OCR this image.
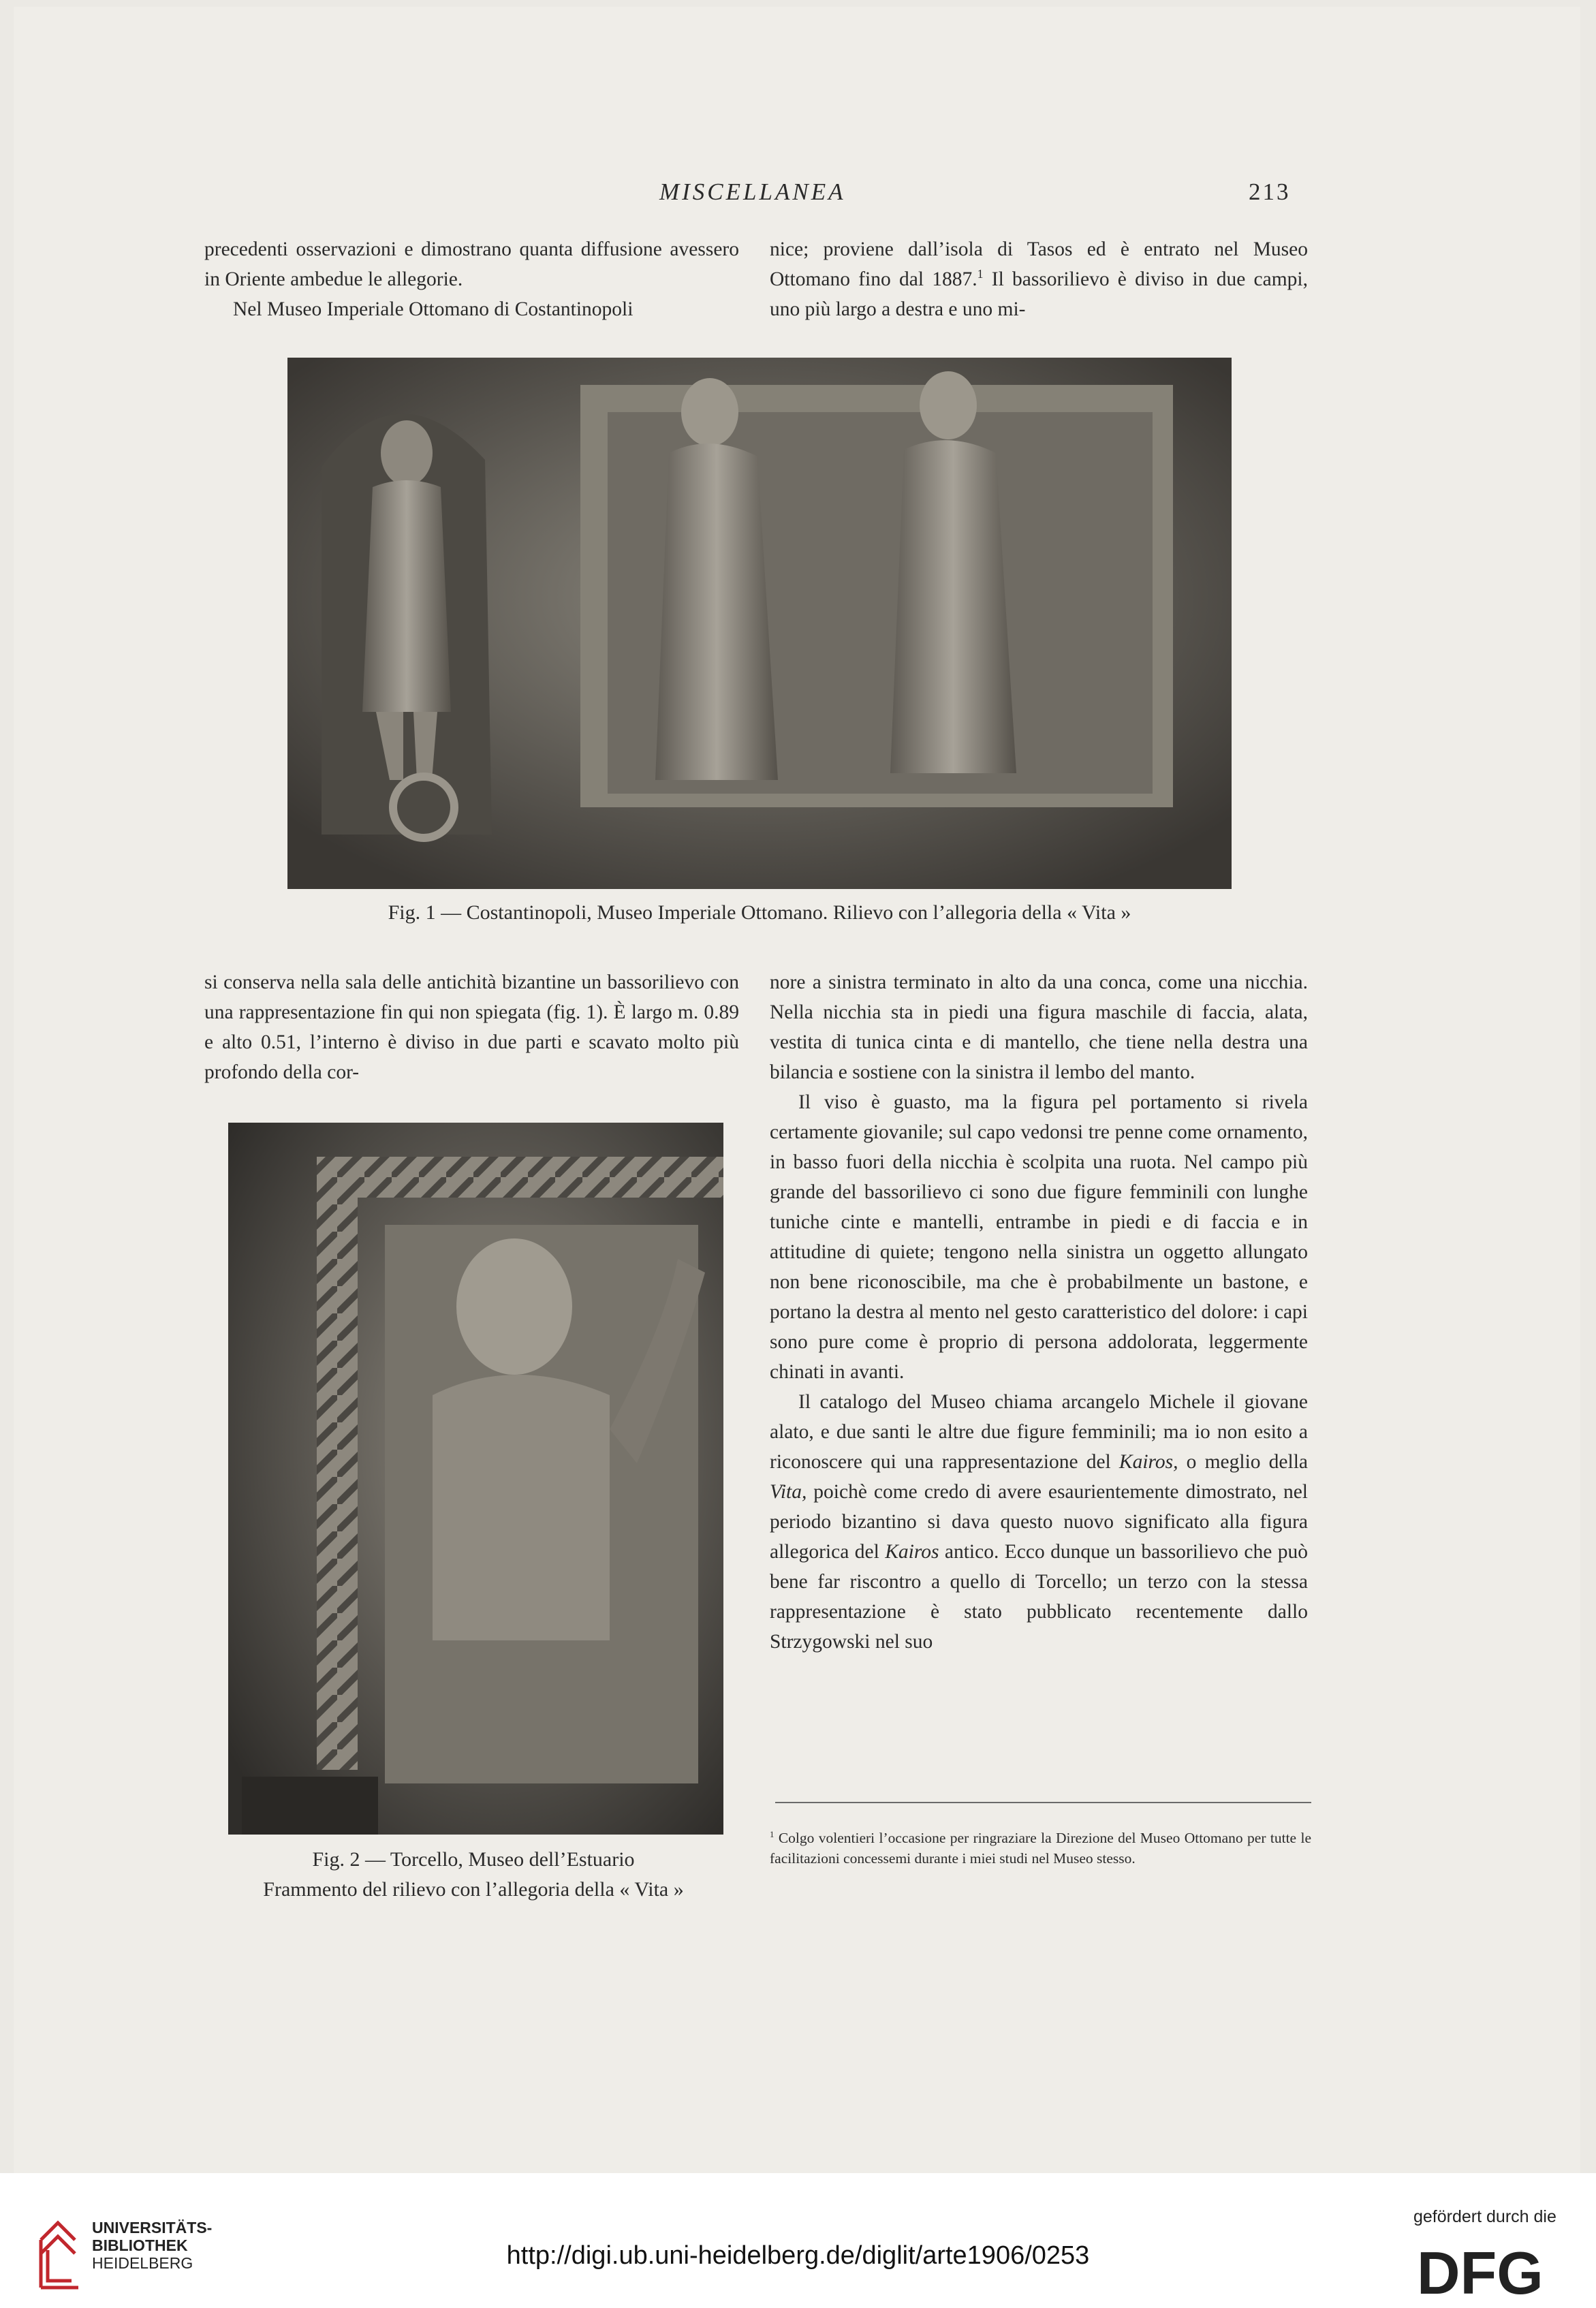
MISCELLANEA	213

precedenti osservazioni e dimostrano quanta diffusione avessero in Oriente ambedue le allegorie.

Nel Museo Imperiale Ottomano di Costantinopoli

nice; proviene dall’isola di Tasos ed è entrato nel Museo Ottomano fino dal 1887.$^1$ Il bassorilievo è diviso in due campi, uno più largo a destra e uno mi-

Fig. 1 — Costantinopoli, Museo Imperiale Ottomano. Rilievo con l’allegoria della « Vita »

si conserva nella sala delle antichità bizantine un bassorilievo con una rappresentazione fin qui non spiegata (fig. 1). È largo m. 0.89 e alto 0.51, l’interno è diviso in due parti e scavato molto più profondo della cor-

Fig. 2 — Torcello, Museo dell’Estuario
Frammento del rilievo con l’allegoria della « Vita »

nore a sinistra terminato in alto da una conca, come una nicchia. Nella nicchia sta in piedi una figura maschile di faccia, alata, vestita di tunica cinta e di mantello, che tiene nella destra una bilancia e sostiene con la sinistra il lembo del manto.

Il viso è guasto, ma la figura pel portamento si rivela certamente giovanile; sul capo vedonsi tre penne come ornamento, in basso fuori della nicchia è scolpita una ruota. Nel campo più grande del bassorilievo ci sono due figure femminili con lunghe tuniche cinte e mantelli, entrambe in piedi e di faccia e in attitudine di quiete; tengono nella sinistra un oggetto allungato non bene riconoscibile, ma che è probabilmente un bastone, e portano la destra al mento nel gesto caratteristico del dolore: i capi sono pure come è proprio di persona addolorata, leggermente chinati in avanti.

Il catalogo del Museo chiama arcangelo Michele il giovane alato, e due santi le altre due figure femminili; ma io non esito a riconoscere qui una rappresentazione del Kairos, o meglio della Vita, poichè come credo di avere esaurientemente dimostrato, nel periodo bizantino si dava questo nuovo significato alla figura allegorica del Kairos antico. Ecco dunque un bassorilievo che può bene far riscontro a quello di Torcello; un terzo con la stessa rappresentazione è stato pubblicato recentemente dallo Strzygowski nel suo

$^1$ Colgo volentieri l’occasione per ringraziare la Direzione del Museo Ottomano per tutte le facilitazioni concessemi durante i miei studi nel Museo stesso.
UNIVERSITÄTS-
BIBLIOTHEK
HEIDELBERG	http://digi.ub.uni-heidelberg.de/diglit/arte1906/0253
gefördert durch die
DFG
